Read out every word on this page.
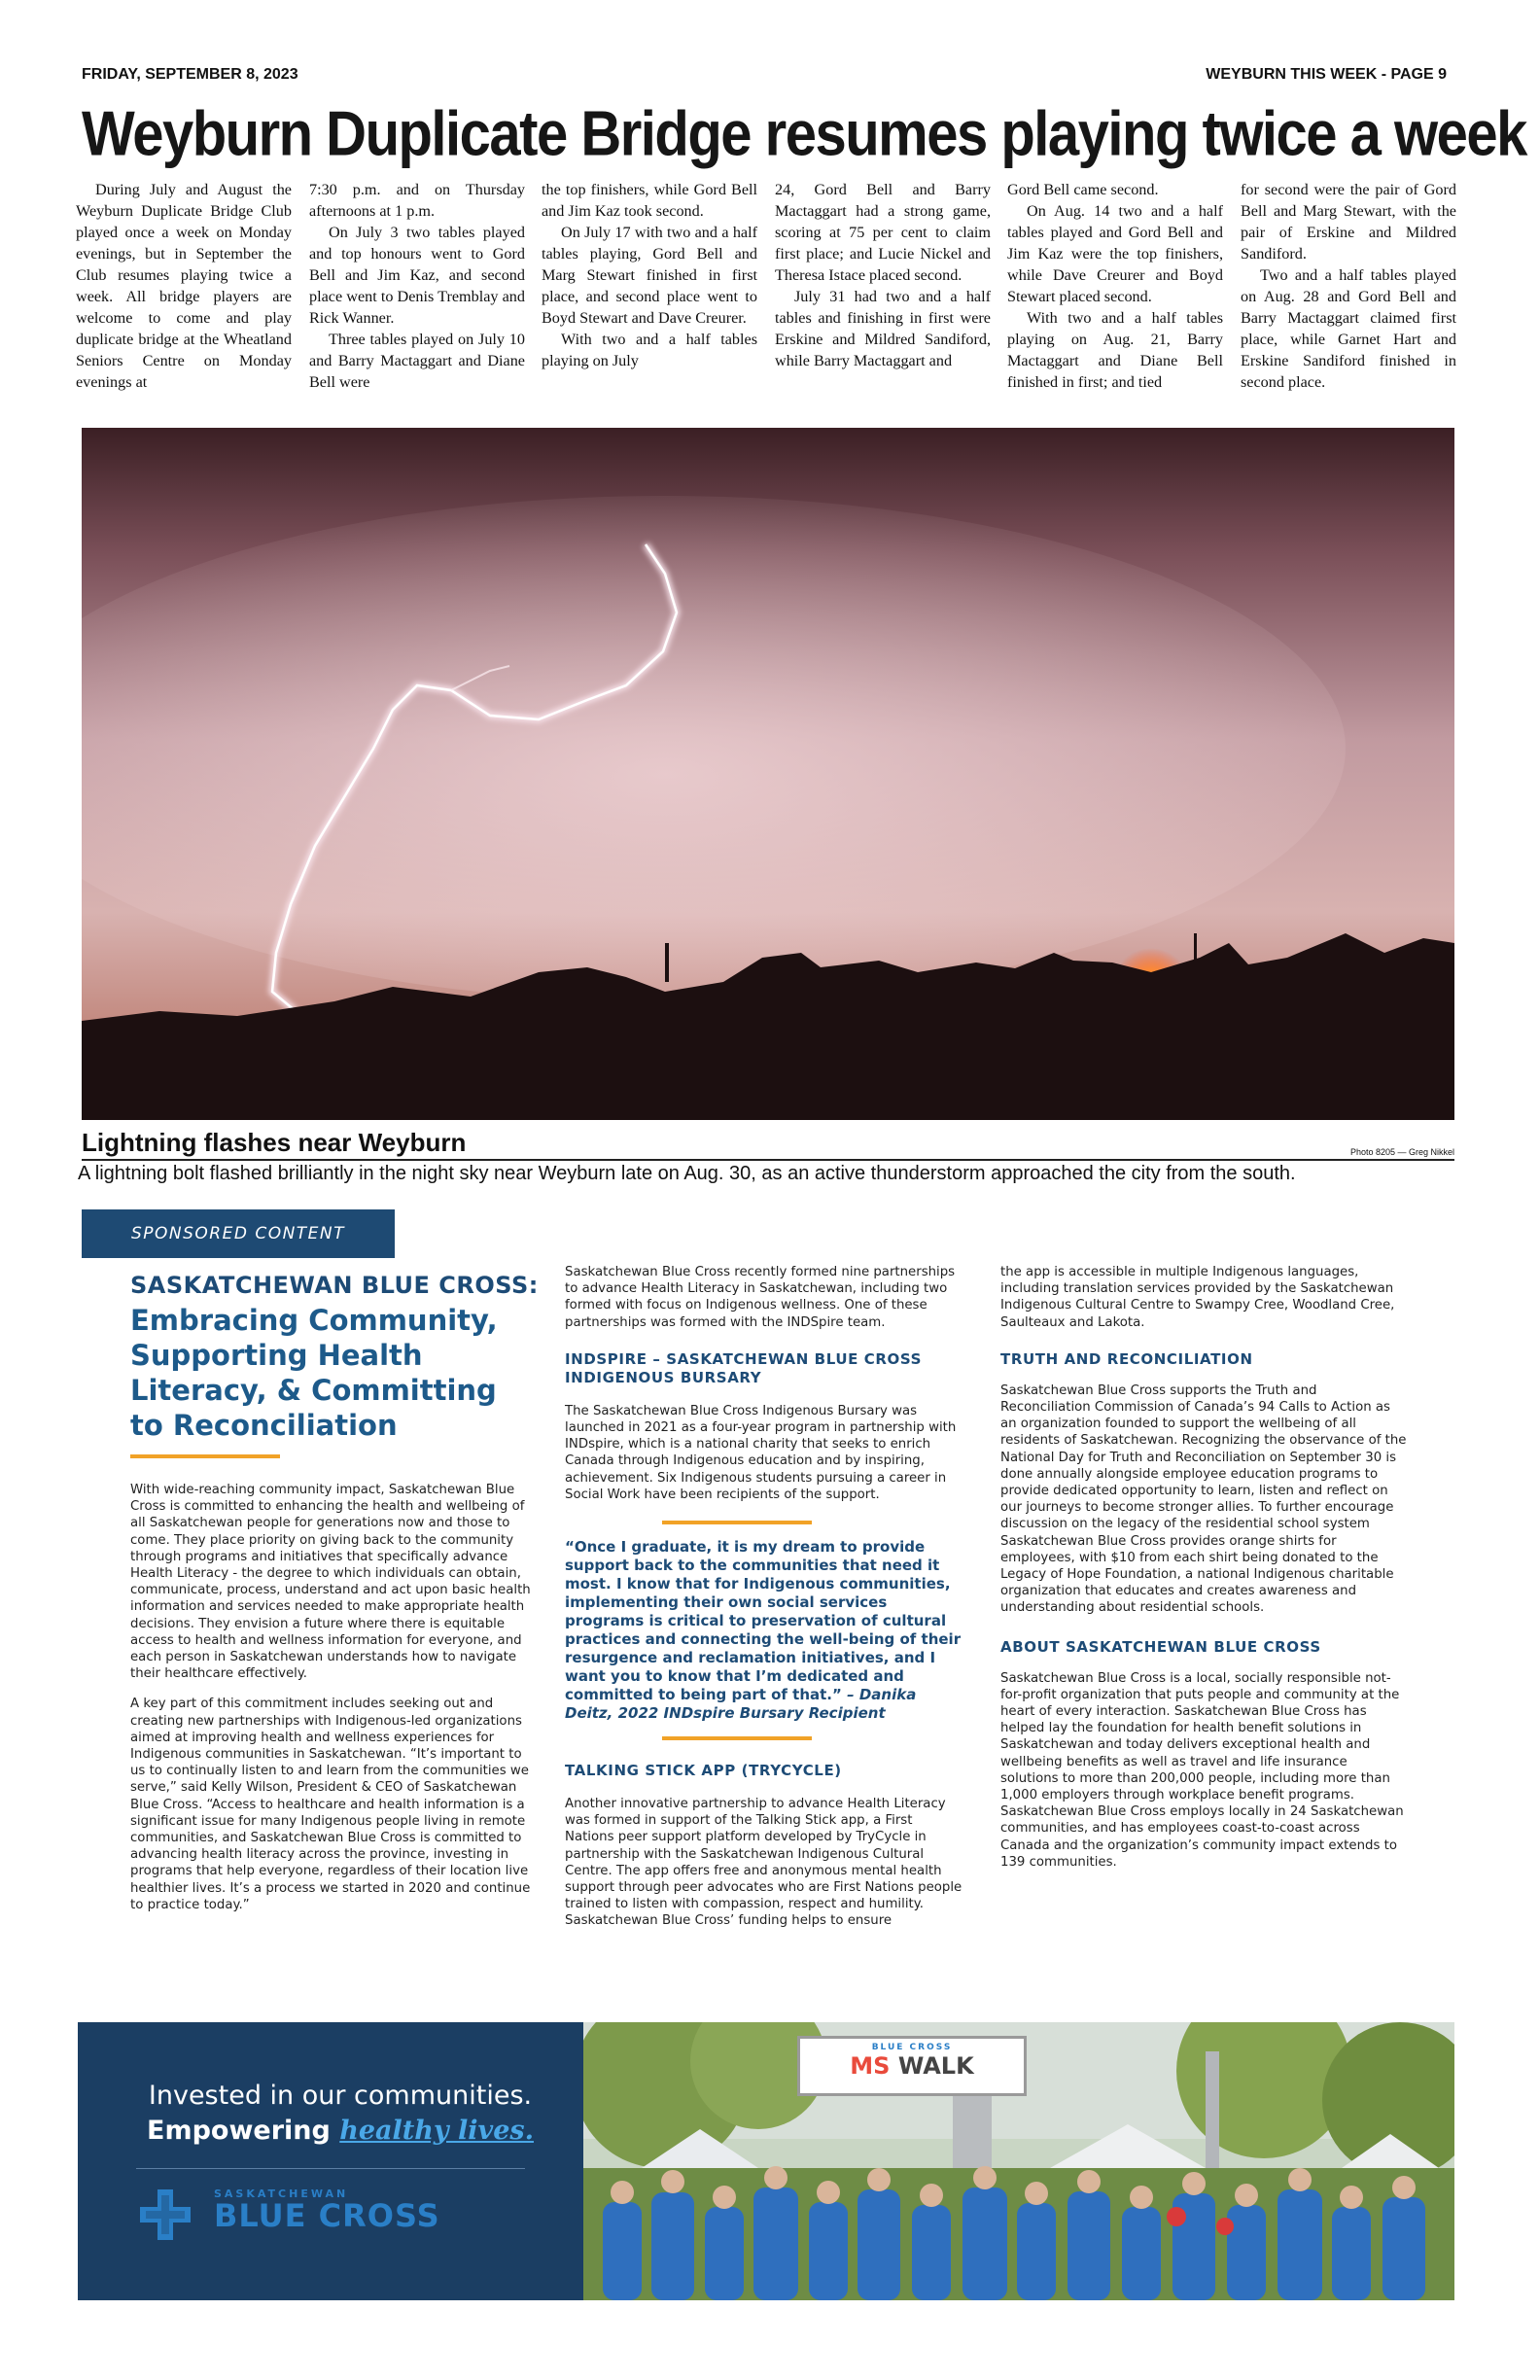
FRIDAY, SEPTEMBER 8, 2023	WEYBURN THIS WEEK - PAGE 9
Weyburn Duplicate Bridge resumes playing twice a week

During July and August the Weyburn Duplicate Bridge Club played once a week on Monday evenings, but in September the Club resumes playing twice a week. All bridge players are welcome to come and play duplicate bridge at the Wheatland Seniors Centre on Monday evenings at

7:30 p.m. and on Thursday afternoons at 1 p.m.

On July 3 two tables played and top honours went to Gord Bell and Jim Kaz, and second place went to Denis Tremblay and Rick Wanner.

Three tables played on July 10 and Barry Mactaggart and Diane Bell were

the top finishers, while Gord Bell and Jim Kaz took second.

On July 17 with two and a half tables playing, Gord Bell and Marg Stewart finished in first place, and second place went to Boyd Stewart and Dave Creurer.

With two and a half tables playing on July

24, Gord Bell and Barry Mactaggart had a strong game, scoring at 75 per cent to claim first place; and Lucie Nickel and Theresa Istace placed second.

July 31 had two and a half tables and finishing in first were Erskine and Mildred Sandiford, while Barry Mactaggart and

Gord Bell came second.

On Aug. 14 two and a half tables played and Gord Bell and Jim Kaz were the top finishers, while Dave Creurer and Boyd Stewart placed second.

With two and a half tables playing on Aug. 21, Barry Mactaggart and Diane Bell finished in first; and tied

for second were the pair of Gord Bell and Marg Stewart, with the pair of Erskine and Mildred Sandiford.

Two and a half tables played on Aug. 28 and Gord Bell and Barry Mactaggart claimed first place, while Garnet Hart and Erskine Sandiford finished in second place.

Lightning flashes near Weyburn	Photo 8205 — Greg Nikkel
A lightning bolt flashed brilliantly in the night sky near Weyburn late on Aug. 30, as an active thunderstorm approached the city from the south.
SPONSORED CONTENT
SASKATCHEWAN BLUE CROSS:
Embracing Community, Supporting Health Literacy, & Committing to Reconciliation

With wide-reaching community impact, Saskatchewan Blue Cross is committed to enhancing the health and wellbeing of all Saskatchewan people for generations now and those to come. They place priority on giving back to the community through programs and initiatives that specifically advance Health Literacy - the degree to which individuals can obtain, communicate, process, understand and act upon basic health information and services needed to make appropriate health decisions. They envision a future where there is equitable access to health and wellness information for everyone, and each person in Saskatchewan understands how to navigate their healthcare effectively.

A key part of this commitment includes seeking out and creating new partnerships with Indigenous-led organizations aimed at improving health and wellness experiences for Indigenous communities in Saskatchewan. “It’s important to us to continually listen to and learn from the communities we serve,” said Kelly Wilson, President & CEO of Saskatchewan Blue Cross. “Access to healthcare and health information is a significant issue for many Indigenous people living in remote communities, and Saskatchewan Blue Cross is committed to advancing health literacy across the province, investing in programs that help everyone, regardless of their location live healthier lives. It’s a process we started in 2020 and continue to practice today.”

Saskatchewan Blue Cross recently formed nine partnerships to advance Health Literacy in Saskatchewan, including two formed with focus on Indigenous wellness. One of these partnerships was formed with the INDSpire team.
INDSPIRE – SASKATCHEWAN BLUE CROSS INDIGENOUS BURSARY
The Saskatchewan Blue Cross Indigenous Bursary was launched in 2021 as a four-year program in partnership with INDspire, which is a national charity that seeks to enrich Canada through Indigenous education and by inspiring, achievement. Six Indigenous students pursuing a career in Social Work have been recipients of the support.
“Once I graduate, it is my dream to provide support back to the communities that need it most. I know that for Indigenous communities, implementing their own social services programs is critical to preservation of cultural practices and connecting the well-being of their resurgence and reclamation initiatives, and I want you to know that I’m dedicated and committed to being part of that.” – Danika Deitz, 2022 INDspire Bursary Recipient
TALKING STICK APP (TRYCYCLE)
Another innovative partnership to advance Health Literacy was formed in support of the Talking Stick app, a First Nations peer support platform developed by TryCycle in partnership with the Saskatchewan Indigenous Cultural Centre. The app offers free and anonymous mental health support through peer advocates who are First Nations people trained to listen with compassion, respect and humility. Saskatchewan Blue Cross’ funding helps to ensure
the app is accessible in multiple Indigenous languages, including translation services provided by the Saskatchewan Indigenous Cultural Centre to Swampy Cree, Woodland Cree, Saulteaux and Lakota.
TRUTH AND RECONCILIATION
Saskatchewan Blue Cross supports the Truth and Reconciliation Commission of Canada’s 94 Calls to Action as an organization founded to support the wellbeing of all residents of Saskatchewan. Recognizing the observance of the National Day for Truth and Reconciliation on September 30 is done annually alongside employee education programs to provide dedicated opportunity to learn, listen and reflect on our journeys to become stronger allies. To further encourage discussion on the legacy of the residential school system Saskatchewan Blue Cross provides orange shirts for employees, with $10 from each shirt being donated to the Legacy of Hope Foundation, a national Indigenous charitable organization that educates and creates awareness and understanding about residential schools.
ABOUT SASKATCHEWAN BLUE CROSS
Saskatchewan Blue Cross is a local, socially responsible not-for-profit organization that puts people and community at the heart of every interaction. Saskatchewan Blue Cross has helped lay the foundation for health benefit solutions in Saskatchewan and today delivers exceptional health and wellbeing benefits as well as travel and life insurance solutions to more than 200,000 people, including more than 1,000 employers through workplace benefit programs. Saskatchewan Blue Cross employs locally in 24 Saskatchewan communities, and has employees coast-to-coast across Canada and the organization’s community impact extends to 139 communities.
Invested in our communities.
Empowering healthy lives.
SASKATCHEWAN
BLUE CROSS
BLUE CROSS
MS WALK
